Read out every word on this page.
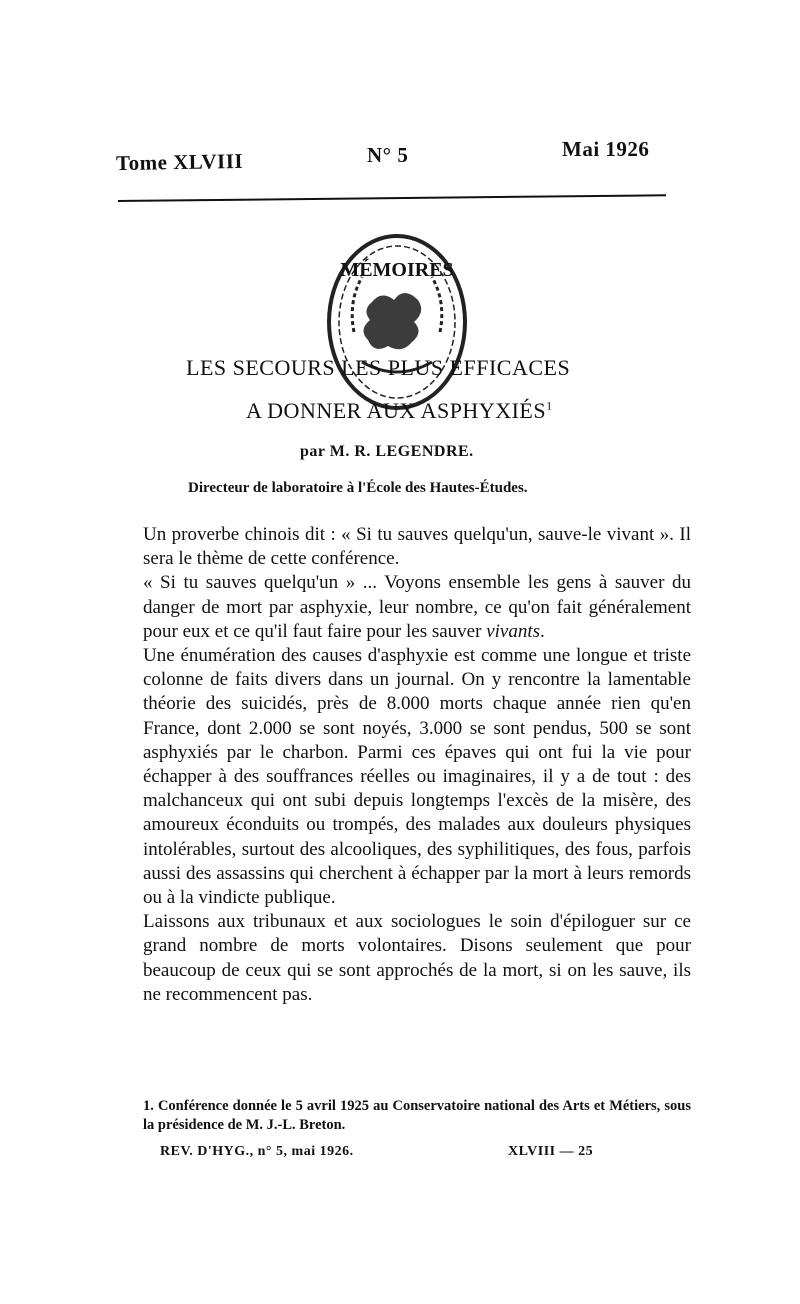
Tome XLVIII	N° 5	Mai 1926
MÉMOIRES
LES SECOURS LES PLUS EFFICACES
A DONNER AUX ASPHYXIÉS$^1$
par M. R. LEGENDRE.
Directeur de laboratoire à l'École des Hautes-Études.

Un proverbe chinois dit : « Si tu sauves quelqu'un, sauve-le vivant ». Il sera le thème de cette conférence.

« Si tu sauves quelqu'un » ... Voyons ensemble les gens à sauver du danger de mort par asphyxie, leur nombre, ce qu'on fait généralement pour eux et ce qu'il faut faire pour les sauver vivants.

Une énumération des causes d'asphyxie est comme une longue et triste colonne de faits divers dans un journal. On y rencontre la lamentable théorie des suicidés, près de 8.000 morts chaque année rien qu'en France, dont 2.000 se sont noyés, 3.000 se sont pendus, 500 se sont asphyxiés par le charbon. Parmi ces épaves qui ont fui la vie pour échapper à des souffrances réelles ou imaginaires, il y a de tout : des malchanceux qui ont subi depuis longtemps l'excès de la misère, des amoureux éconduits ou trompés, des malades aux douleurs physiques intolérables, surtout des alcooliques, des syphilitiques, des fous, parfois aussi des assassins qui cherchent à échapper par la mort à leurs remords ou à la vindicte publique.

Laissons aux tribunaux et aux sociologues le soin d'épiloguer sur ce grand nombre de morts volontaires. Disons seulement que pour beaucoup de ceux qui se sont approchés de la mort, si on les sauve, ils ne recommencent pas.

1. Conférence donnée le 5 avril 1925 au Conservatoire national des Arts et Métiers, sous la présidence de M. J.-L. Breton.
REV. D'HYG., n° 5, mai 1926.	XLVIII — 25
